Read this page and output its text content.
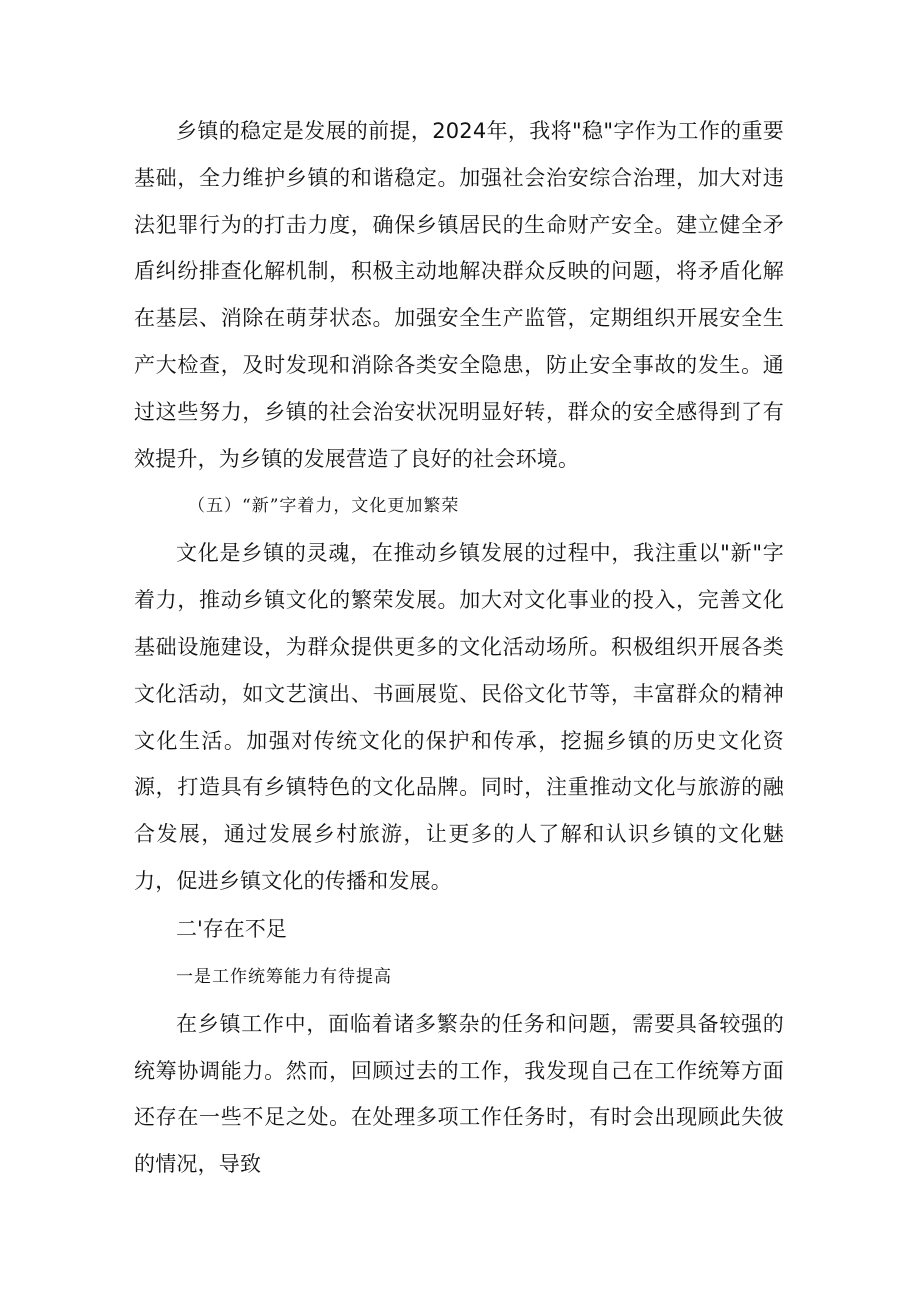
乡镇的稳定是发展的前提，2024年，我将"稳"字作为工作的重要基础，全力维护乡镇的和谐稳定。加强社会治安综合治理，加大对违法犯罪行为的打击力度，确保乡镇居民的生命财产安全。建立健全矛盾纠纷排查化解机制，积极主动地解决群众反映的问题，将矛盾化解在基层、消除在萌芽状态。加强安全生产监管，定期组织开展安全生产大检查，及时发现和消除各类安全隐患，防止安全事故的发生。通过这些努力，乡镇的社会治安状况明显好转，群众的安全感得到了有效提升，为乡镇的发展营造了良好的社会环境。

（五）“新”字着力，文化更加繁荣

文化是乡镇的灵魂，在推动乡镇发展的过程中，我注重以"新"字着力，推动乡镇文化的繁荣发展。加大对文化事业的投入，完善文化基础设施建设，为群众提供更多的文化活动场所。积极组织开展各类文化活动，如文艺演出、书画展览、民俗文化节等，丰富群众的精神文化生活。加强对传统文化的保护和传承，挖掘乡镇的历史文化资源，打造具有乡镇特色的文化品牌。同时，注重推动文化与旅游的融合发展，通过发展乡村旅游，让更多的人了解和认识乡镇的文化魅力，促进乡镇文化的传播和发展。

二'存在不足

一是工作统筹能力有待提高

在乡镇工作中，面临着诸多繁杂的任务和问题，需要具备较强的统筹协调能力。然而，回顾过去的工作，我发现自己在工作统筹方面还存在一些不足之处。在处理多项工作任务时，有时会出现顾此失彼的情况，导致
